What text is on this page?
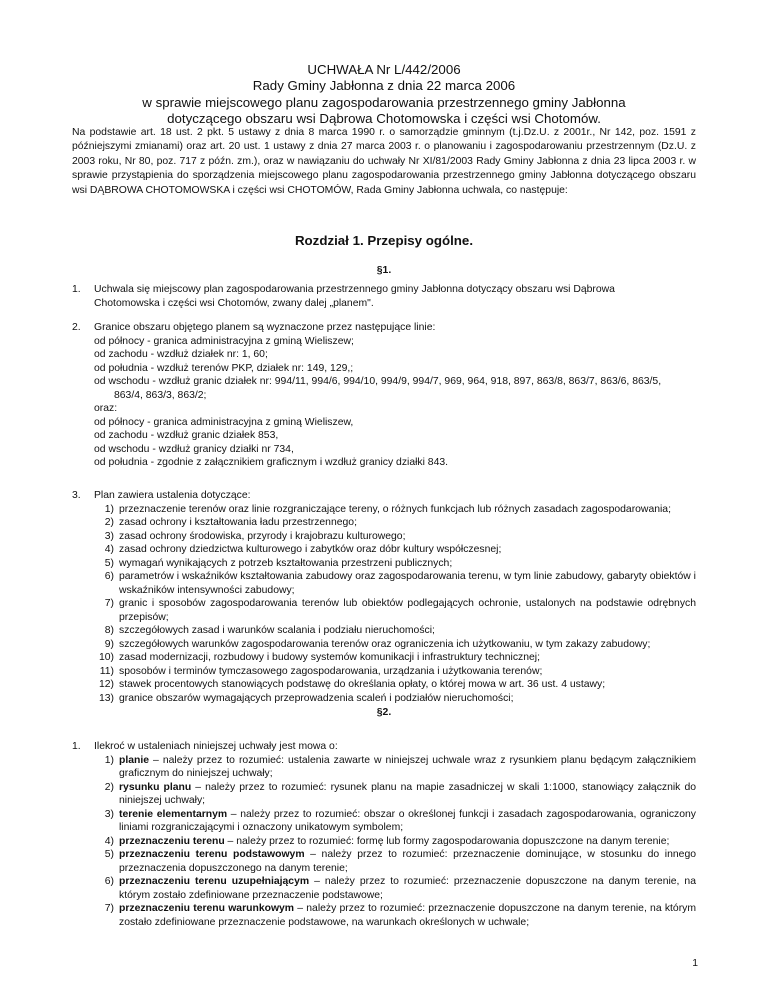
UCHWAŁA Nr L/442/2006
Rady Gminy Jabłonna z dnia 22 marca 2006
w sprawie miejscowego planu zagospodarowania przestrzennego gminy Jabłonna
dotyczącego obszaru wsi Dąbrowa Chotomowska i części wsi Chotomów.
Na podstawie art. 18 ust. 2 pkt. 5 ustawy z dnia 8 marca 1990 r. o samorządzie gminnym (t.j.Dz.U. z 2001r., Nr 142, poz. 1591 z późniejszymi zmianami) oraz art. 20 ust. 1 ustawy z dnia 27 marca 2003 r. o planowaniu i zagospodarowaniu przestrzennym (Dz.U. z 2003 roku, Nr 80, poz. 717 z późn. zm.), oraz w nawiązaniu do uchwały Nr XI/81/2003 Rady Gminy Jabłonna z dnia 23 lipca 2003 r. w sprawie przystąpienia do sporządzenia miejscowego planu zagospodarowania przestrzennego gminy Jabłonna dotyczącego obszaru wsi DĄBROWA CHOTOMOWSKA i części wsi CHOTOMÓW, Rada Gminy Jabłonna uchwala, co następuje:
Rozdział 1. Przepisy ogólne.
§1.
1. Uchwala się miejscowy plan zagospodarowania przestrzennego gminy Jabłonna dotyczący obszaru wsi Dąbrowa
Chotomowska i części wsi Chotomów, zwany dalej „planem".
2. Granice obszaru objętego planem są wyznaczone przez następujące linie:
od północy - granica administracyjna z gminą Wieliszew;
od zachodu - wzdłuż działek nr: 1, 60;
od południa - wzdłuż terenów PKP, działek nr: 149, 129,;
od wschodu - wzdłuż granic działek nr: 994/11, 994/6, 994/10, 994/9, 994/7, 969, 964, 918, 897, 863/8, 863/7, 863/6, 863/5,
863/4, 863/3, 863/2;
oraz:
od północy - granica administracyjna z gminą Wieliszew,
od zachodu - wzdłuż granic działek 853,
od wschodu - wzdłuż granicy działki nr 734,
od południa - zgodnie z załącznikiem graficznym i wzdłuż granicy działki 843.
3. Plan zawiera ustalenia dotyczące:
1) przeznaczenie terenów oraz linie rozgraniczające tereny, o różnych funkcjach lub różnych zasadach zagospodarowania;
2) zasad ochrony i kształtowania ładu przestrzennego;
3) zasad ochrony środowiska, przyrody i krajobrazu kulturowego;
4) zasad ochrony dziedzictwa kulturowego i zabytków oraz dóbr kultury współczesnej;
5) wymagań wynikających z potrzeb kształtowania przestrzeni publicznych;
6) parametrów i wskaźników kształtowania zabudowy oraz zagospodarowania terenu, w tym linie zabudowy, gabaryty obiektów i wskaźników intensywności zabudowy;
7) granic i sposobów zagospodarowania terenów lub obiektów podlegających ochronie, ustalonych na podstawie odrębnych przepisów;
8) szczegółowych zasad i warunków scalania i podziału nieruchomości;
9) szczegółowych warunków zagospodarowania terenów oraz ograniczenia ich użytkowaniu, w tym zakazy zabudowy;
10) zasad modernizacji, rozbudowy i budowy systemów komunikacji i infrastruktury technicznej;
11) sposobów i terminów tymczasowego zagospodarowania, urządzania i użytkowania terenów;
12) stawek procentowych stanowiących podstawę do określania opłaty, o której mowa w art. 36 ust. 4 ustawy;
13) granice obszarów wymagających przeprowadzenia scaleń i podziałów nieruchomości;
§2.
1. Ilekroć w ustaleniach niniejszej uchwały jest mowa o:
1) planie – należy przez to rozumieć: ustalenia zawarte w niniejszej uchwale wraz z rysunkiem planu będącym załącznikiem graficznym do niniejszej uchwały;
2) rysunku planu – należy przez to rozumieć: rysunek planu na mapie zasadniczej w skali 1:1000, stanowiący załącznik do niniejszej uchwały;
3) terenie elementarnym – należy przez to rozumieć: obszar o określonej funkcji i zasadach zagospodarowania, ograniczony liniami rozgraniczającymi i oznaczony unikatowym symbolem;
4) przeznaczeniu terenu – należy przez to rozumieć: formę lub formy zagospodarowania dopuszczone na danym terenie;
5) przeznaczeniu terenu podstawowym – należy przez to rozumieć: przeznaczenie dominujące, w stosunku do innego przeznaczenia dopuszczonego na danym terenie;
6) przeznaczeniu terenu uzupełniającym – należy przez to rozumieć: przeznaczenie dopuszczone na danym terenie, na którym zostało zdefiniowane przeznaczenie podstawowe;
7) przeznaczeniu terenu warunkowym – należy przez to rozumieć: przeznaczenie dopuszczone na danym terenie, na którym zostało zdefiniowane przeznaczenie podstawowe, na warunkach określonych w uchwale;
1
